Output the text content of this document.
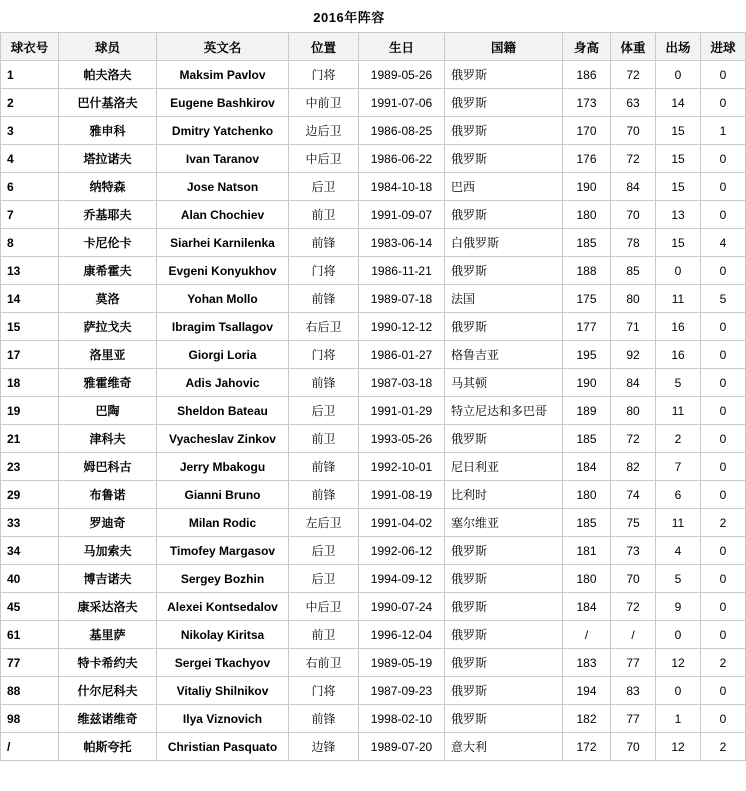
2016年阵容
球衣号	球员	英文名	位置	生日	国籍	身高	体重	出场	进球
1	帕夫洛夫	Maksim Pavlov	门将	1989-05-26	俄罗斯	186	72	0	0
2	巴什基洛夫	Eugene Bashkirov	中前卫	1991-07-06	俄罗斯	173	63	14	0
3	雅申科	Dmitry Yatchenko	边后卫	1986-08-25	俄罗斯	170	70	15	1
4	塔拉诺夫	Ivan Taranov	中后卫	1986-06-22	俄罗斯	176	72	15	0
6	纳特森	Jose Natson	后卫	1984-10-18	巴西	190	84	15	0
7	乔基耶夫	Alan Chochiev	前卫	1991-09-07	俄罗斯	180	70	13	0
8	卡尼伦卡	Siarhei Karnilenka	前锋	1983-06-14	白俄罗斯	185	78	15	4
13	康希霍夫	Evgeni Konyukhov	门将	1986-11-21	俄罗斯	188	85	0	0
14	莫洛	Yohan Mollo	前锋	1989-07-18	法国	175	80	11	5
15	萨拉戈夫	Ibragim Tsallagov	右后卫	1990-12-12	俄罗斯	177	71	16	0
17	洛里亚	Giorgi Loria	门将	1986-01-27	格鲁吉亚	195	92	16	0
18	雅霍维奇	Adis Jahovic	前锋	1987-03-18	马其顿	190	84	5	0
19	巴陶	Sheldon Bateau	后卫	1991-01-29	特立尼达和多巴哥	189	80	11	0
21	津科夫	Vyacheslav Zinkov	前卫	1993-05-26	俄罗斯	185	72	2	0
23	姆巴科古	Jerry Mbakogu	前锋	1992-10-01	尼日利亚	184	82	7	0
29	布鲁诺	Gianni Bruno	前锋	1991-08-19	比利时	180	74	6	0
33	罗迪奇	Milan Rodic	左后卫	1991-04-02	塞尔维亚	185	75	11	2
34	马加索夫	Timofey Margasov	后卫	1992-06-12	俄罗斯	181	73	4	0
40	博吉诺夫	Sergey Bozhin	后卫	1994-09-12	俄罗斯	180	70	5	0
45	康采达洛夫	Alexei Kontsedalov	中后卫	1990-07-24	俄罗斯	184	72	9	0
61	基里萨	Nikolay Kiritsa	前卫	1996-12-04	俄罗斯	/	/	0	0
77	特卡希约夫	Sergei Tkachyov	右前卫	1989-05-19	俄罗斯	183	77	12	2
88	什尔尼科夫	Vitaliy Shilnikov	门将	1987-09-23	俄罗斯	194	83	0	0
98	维兹诺维奇	Ilya Viznovich	前锋	1998-02-10	俄罗斯	182	77	1	0
/	帕斯夸托	Christian Pasquato	边锋	1989-07-20	意大利	172	70	12	2
